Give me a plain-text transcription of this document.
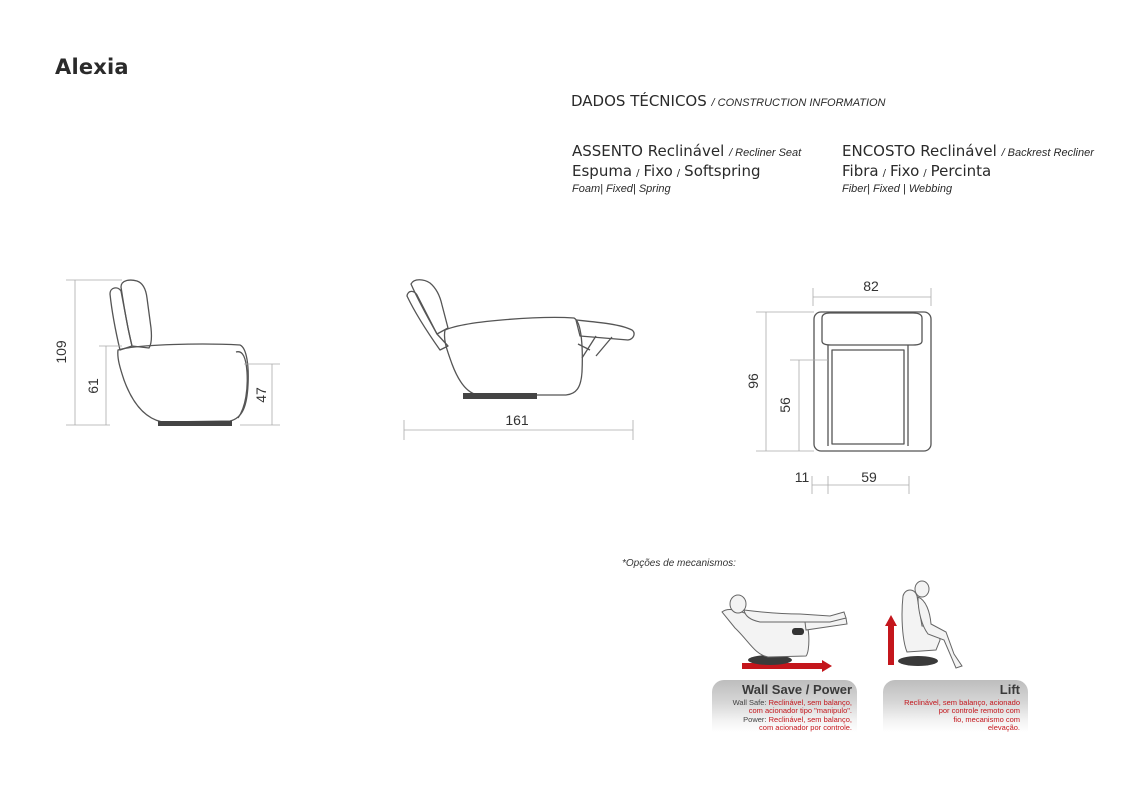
Alexia
DADOS TÉCNICOS / CONSTRUCTION INFORMATION
ASSENTO Reclinável / Recliner Seat
Espuma / Fixo / Softspring
Foam| Fixed| Spring
ENCOSTO Reclinável / Backrest Recliner
Fibra / Fixo / Percinta
Fiber| Fixed | Webbing
109
61
47
161
82
96
56
11	59
*Opções de mecanismos:
Wall Save / Power
Wall Safe: Reclinável, sem balanço,
com acionador tipo "manipulo".
Power: Reclinável, sem balanço,
com acionador por controle.
Lift
Reclinável, sem balanço, acionado
por controle remoto com
fio, mecanismo com
elevação.
